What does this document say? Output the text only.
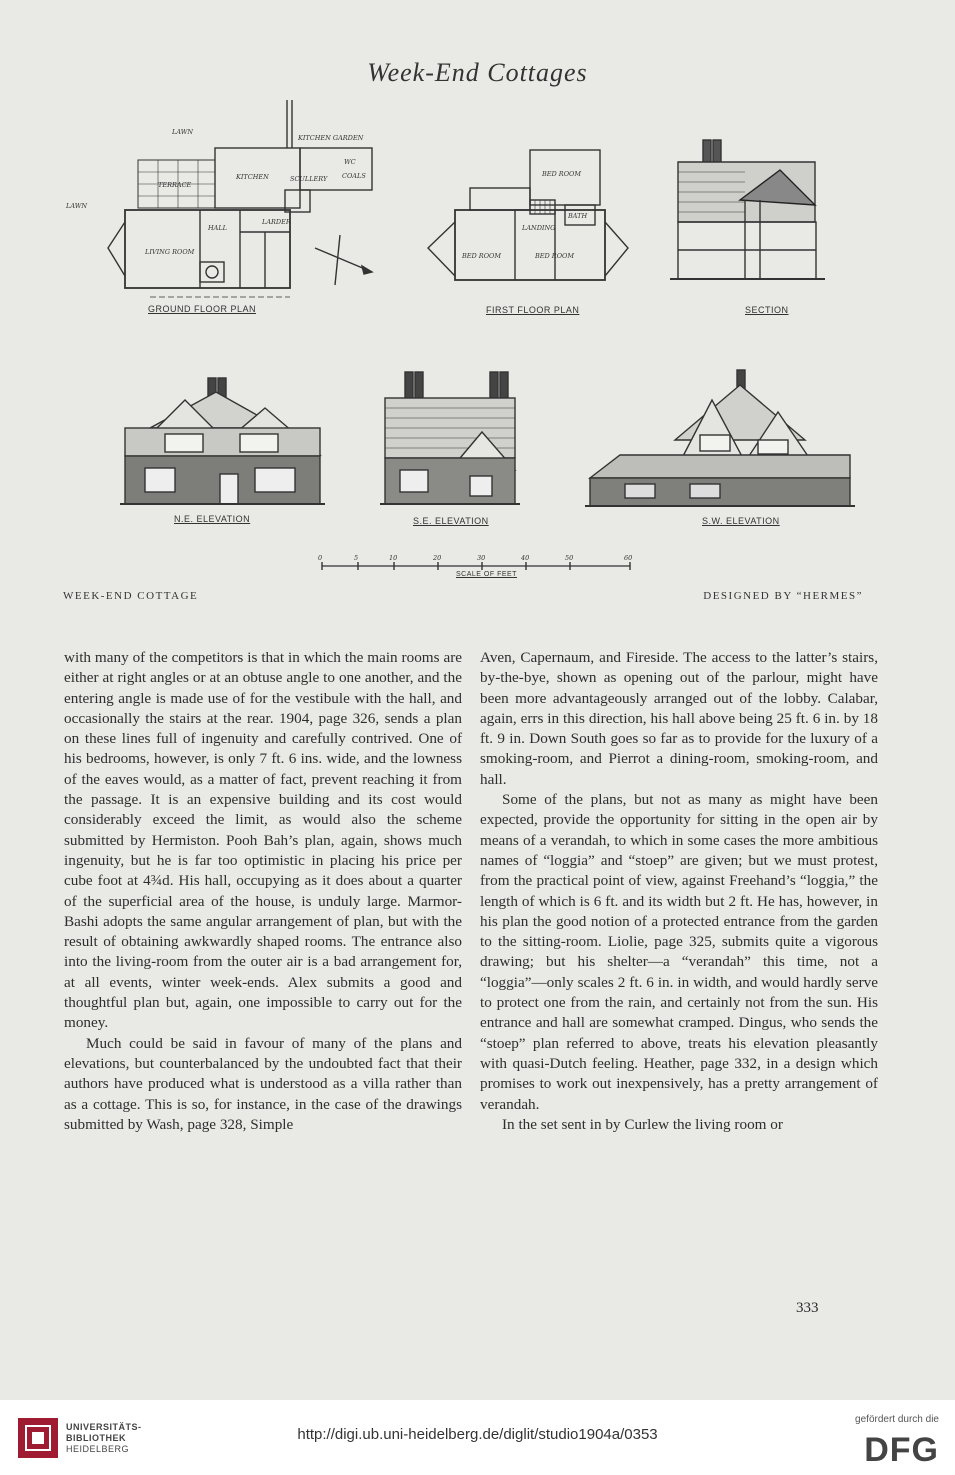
Week-End Cottages
GROUND FLOOR PLAN	FIRST FLOOR PLAN	SECTION
N.E. ELEVATION	S.E. ELEVATION	S.W. ELEVATION
SCALE OF FEET
0	5	10	20	30	40	50	60
LAWN
LAWN
KITCHEN GARDEN
TERRACE
KITCHEN	SCULLERY
LIVING ROOM
HALL
LARDER
WC
COALS	BED ROOM
BED ROOM	BED ROOM
LANDING
BATH
WEEK-END COTTAGE	DESIGNED BY “HERMES”

with many of the competitors is that in which the main rooms are either at right angles or at an obtuse angle to one another, and the entering angle is made use of for the vestibule with the hall, and occasionally the stairs at the rear. 1904, page 326, sends a plan on these lines full of ingenuity and carefully contrived. One of his bedrooms, however, is only 7 ft. 6 ins. wide, and the lowness of the eaves would, as a matter of fact, prevent reaching it from the passage. It is an expensive building and its cost would considerably exceed the limit, as would also the scheme submitted by Hermiston. Pooh Bah’s plan, again, shows much ingenuity, but he is far too optimistic in placing his price per cube foot at 4¾d. His hall, occupying as it does about a quarter of the superficial area of the house, is unduly large. Marmor-Bashi adopts the same angular arrangement of plan, but with the result of obtaining awkwardly shaped rooms. The entrance also into the living-room from the outer air is a bad arrangement for, at all events, winter week-ends. Alex submits a good and thoughtful plan but, again, one impossible to carry out for the money.

Much could be said in favour of many of the plans and elevations, but counterbalanced by the undoubted fact that their authors have produced what is understood as a villa rather than as a cottage. This is so, for instance, in the case of the drawings submitted by Wash, page 328, Simple

Aven, Capernaum, and Fireside. The access to the latter’s stairs, by-the-bye, shown as opening out of the parlour, might have been more advantageously arranged out of the lobby. Calabar, again, errs in this direction, his hall above being 25 ft. 6 in. by 18 ft. 9 in. Down South goes so far as to provide for the luxury of a smoking-room, and Pierrot a dining-room, smoking-room, and hall.

Some of the plans, but not as many as might have been expected, provide the opportunity for sitting in the open air by means of a verandah, to which in some cases the more ambitious names of “loggia” and “stoep” are given; but we must protest, from the practical point of view, against Freehand’s “loggia,” the length of which is 6 ft. and its width but 2 ft. He has, however, in his plan the good notion of a protected entrance from the garden to the sitting-room. Liolie, page 325, submits quite a vigorous drawing; but his shelter—a “verandah” this time, not a “loggia”—only scales 2 ft. 6 in. in width, and would hardly serve to protect one from the rain, and certainly not from the sun. His entrance and hall are somewhat cramped. Dingus, who sends the “stoep” plan referred to above, treats his elevation pleasantly with quasi-Dutch feeling. Heather, page 332, in a design which promises to work out inexpensively, has a pretty arrangement of verandah.

In the set sent in by Curlew the living room or

333
UNIVERSITÄTS-
BIBLIOTHEK
HEIDELBERG
http://digi.ub.uni-heidelberg.de/diglit/studio1904a/0353
gefördert durch die
DFG
